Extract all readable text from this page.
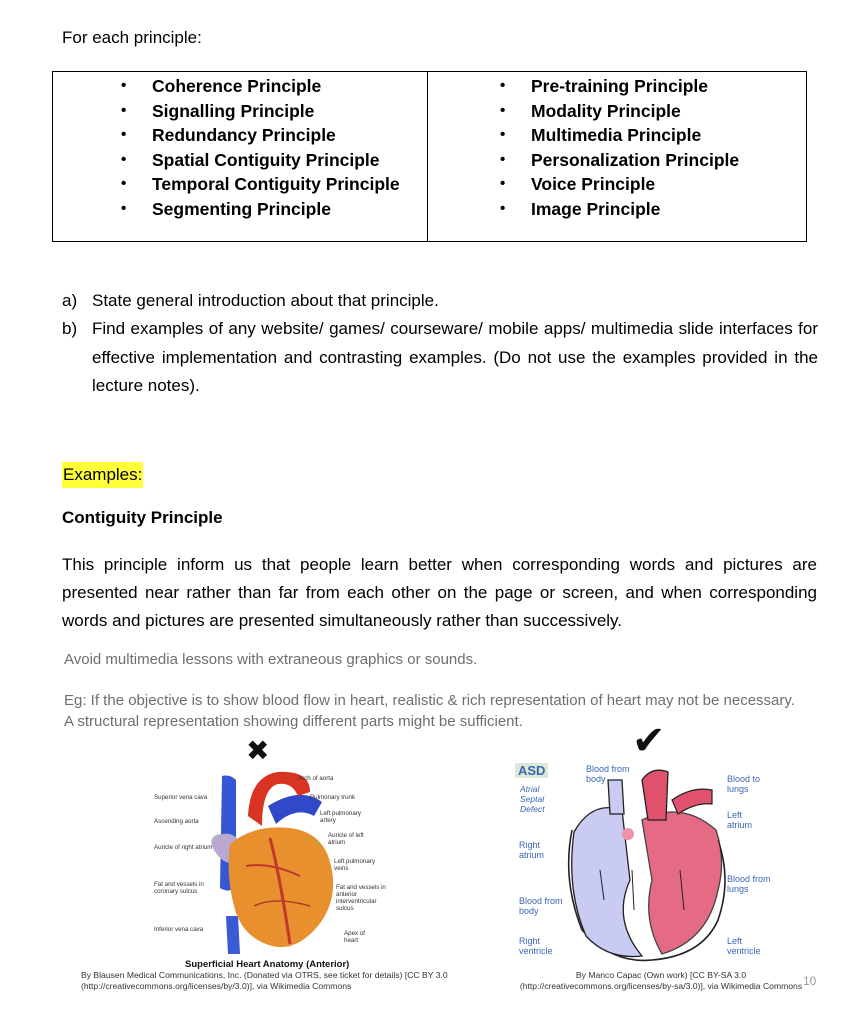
For each principle:
• Coherence Principle
• Signalling Principle
• Redundancy Principle
• Spatial Contiguity Principle
• Temporal Contiguity Principle
• Segmenting Principle
• Pre-training Principle
• Modality Principle
• Multimedia Principle
• Personalization Principle
• Voice Principle
• Image Principle
a) State general introduction about that principle.
b) Find examples of any website/ games/ courseware/ mobile apps/ multimedia slide interfaces for effective implementation and contrasting examples. (Do not use the examples provided in the lecture notes).
Examples:
Contiguity Principle
This principle inform us that people learn better when corresponding words and pictures are presented near rather than far from each other on the page or screen, and when corresponding words and pictures are presented simultaneously rather than successively.
Avoid multimedia lessons with extraneous graphics or sounds.
Eg: If the objective is to show blood flow in heart, realistic & rich representation of heart may not be necessary. A structural representation showing different parts might be sufficient.
✖	✔
Superior vena cava
Ascending aorta
Auricle of right atrium
Fat and vessels in coronary sulcus
Inferior vena cava
Arch of aorta
Pulmonary trunk
Left pulmonary artery
Auricle of left atrium
Left pulmonary veins
Fat and vessels in anterior interventricular sulcus
Apex of heart
Superficial Heart Anatomy (Anterior)
By Blausen Medical Communications, Inc. (Donated via OTRS, see ticket for details) [CC BY 3.0 (http://creativecommons.org/licenses/by/3.0)], via Wikimedia Commons
ASD
Atrial Septal Defect
Blood from body	Blood to lungs
Left atrium
Right atrium
Blood from lungs
Blood from body
Right ventricle
Left ventricle
By Manco Capac (Own work) [CC BY-SA 3.0 (http://creativecommons.org/licenses/by-sa/3.0)], via Wikimedia Commons 10
